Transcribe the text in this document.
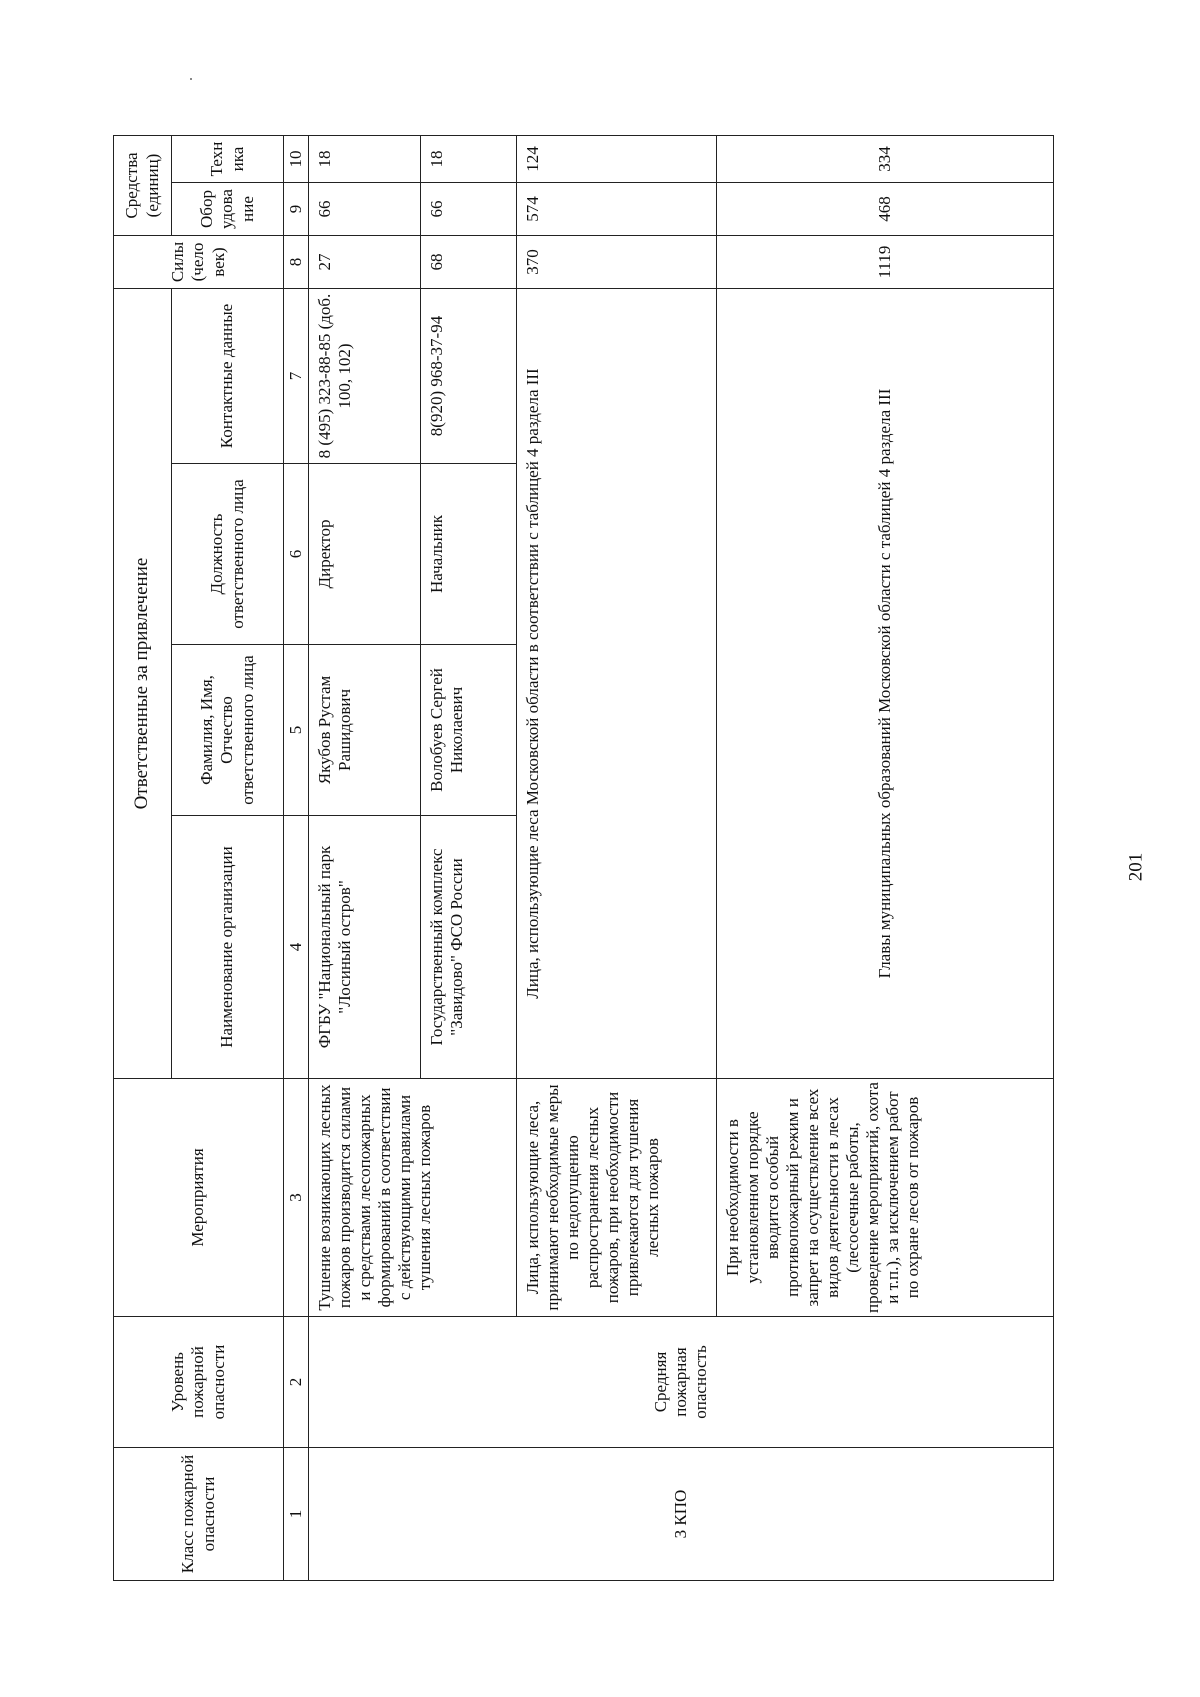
Класс пожарной опасности	Уровень пожарной опасности	Мероприятия	Ответственные за привлечение				Силы (человек)	Средства (единиц)	
			Наименование организации	Фамилия, Имя, Отчество ответственного лица	Должность ответственного лица	Контактные данные		Оборудование	Техника
1	2	3	4	5	6	7	8	9	10
3 КПО	Средняя пожарная опасность	Тушение возникающих лесных пожаров производится силами и средствами лесопожарных формирований в соответствии с действующими правилами тушения лесных пожаров	ФГБУ "Национальный парк "Лосиный остров"	Якубов Рустам Рашидович	Директор	8 (495) 323-88-85 (доб. 100, 102)	27	66	18
			Государственный комплекс "Завидово" ФСО России	Волобуев Сергей Николаевич	Начальник	8(920) 968-37-94	68	66	18
		Лица, использующие леса, принимают необходимые меры по недопущению распространения лесных пожаров, при необходимости привлекаются для тушения лесных пожаров	Лица, использующие леса Московской области в соответствии с таблицей 4 раздела III				370	574	124
		При необходимости в установленном порядке вводится особый противопожарный режим и запрет на осуществление всех видов деятельности в лесах (лесосечные работы, проведение мероприятий, охота и т.п.), за исключением работ по охране лесов от пожаров	Главы муниципальных образований Московской области с таблицей 4 раздела III				1119	468	334
201
